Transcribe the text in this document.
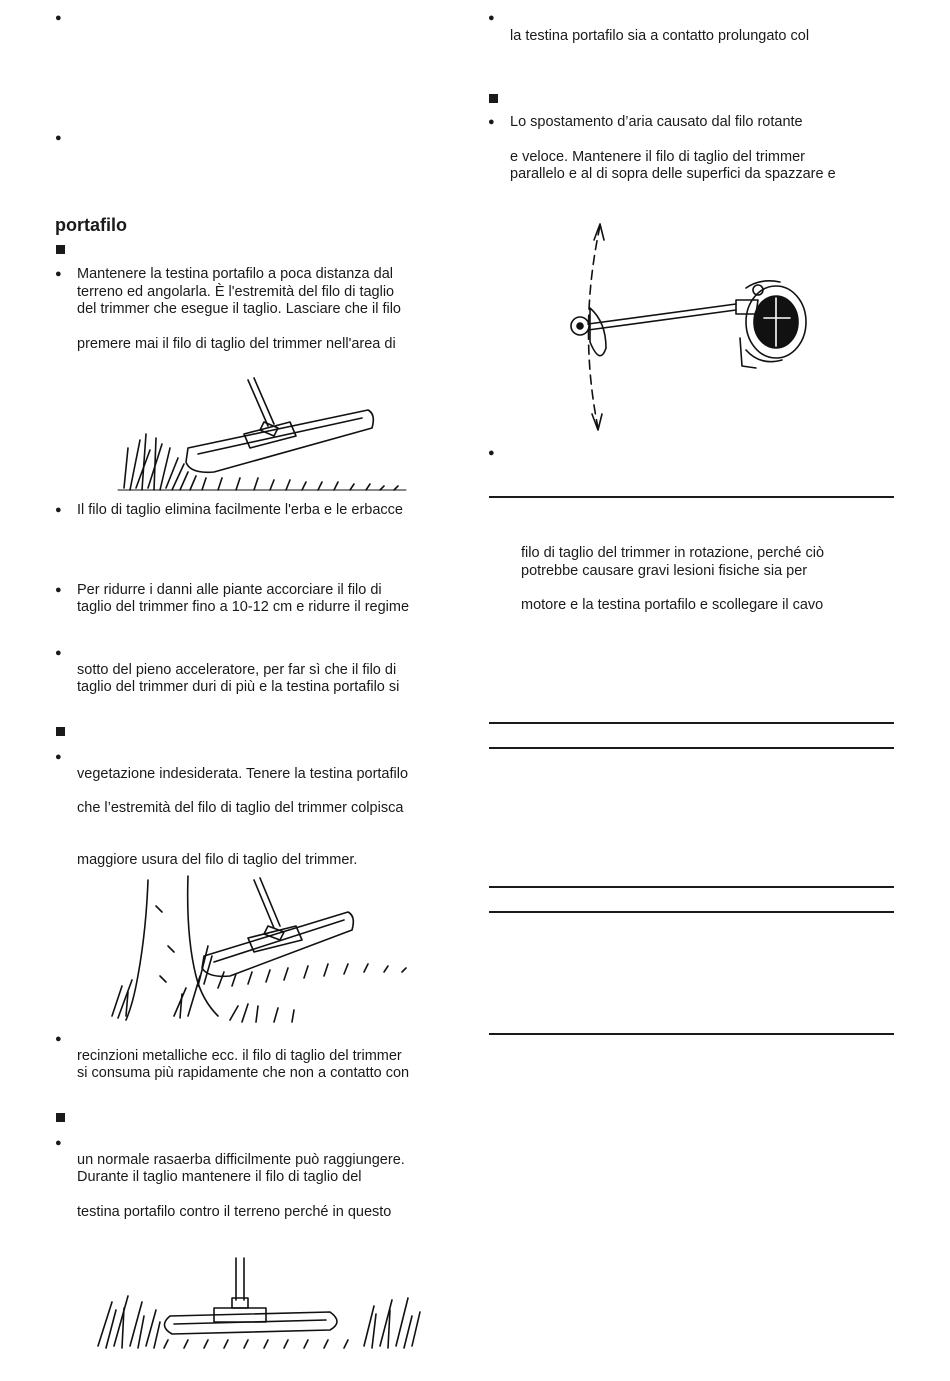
●
●
portafilo
● Mantenere la testina portafilo a poca distanza dal
terreno ed angolarla. È l'estremità del filo di taglio
del trimmer che esegue il taglio. Lasciare che il filo
premere mai il filo di taglio del trimmer nell'area di
● Il filo di taglio elimina facilmente l'erba e le erbacce
● Per ridurre i danni alle piante accorciare il filo di
taglio del trimmer fino a 10-12 cm e ridurre il regime
●
sotto del pieno acceleratore, per far sì che il filo di
taglio del trimmer duri di più e la testina portafilo si
●
vegetazione indesiderata. Tenere la testina portafilo
che l’estremità del filo di taglio del trimmer colpisca
maggiore usura del filo di taglio del trimmer.
●
recinzioni metalliche ecc. il filo di taglio del trimmer
si consuma più rapidamente che non a contatto con
●
un normale rasaerba difficilmente può raggiungere.
Durante il taglio mantenere il filo di taglio del
testina portafilo contro il terreno perché in questo
●
la testina portafilo sia a contatto prolungato col
● Lo spostamento d’aria causato dal filo rotante
e veloce. Mantenere il filo di taglio del trimmer
parallelo e al di sopra delle superfici da spazzare e
●
filo di taglio del trimmer in rotazione, perché ciò
potrebbe causare gravi lesioni fisiche sia per
motore e la testina portafilo e scollegare il cavo
